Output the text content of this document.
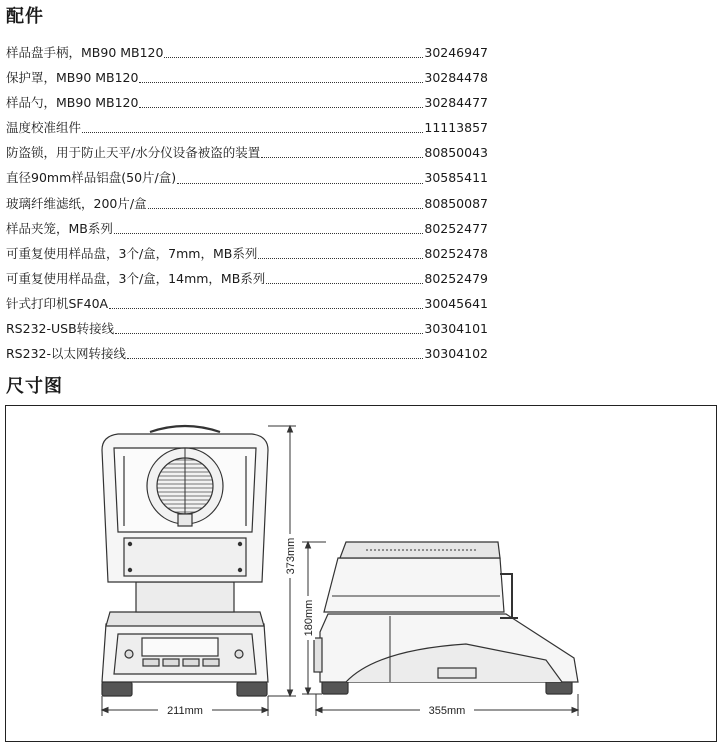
配件
样品盘手柄，MB90 MB120	30246947
保护罩，MB90 MB120	30284478
样品勺，MB90 MB120	30284477
温度校准组件	11113857
防盗锁，用于防止天平/水分仪设备被盗的装置	80850043
直径90mm样品铝盘(50片/盒)	30585411
玻璃纤维滤纸，200片/盒	80850087
样品夹笼，MB系列	80252477
可重复使用样品盘，3个/盒，7mm，MB系列	80252478
可重复使用样品盘，3个/盒，14mm，MB系列	80252479
针式打印机SF40A	30045641
RS232-USB转接线	30304101
RS232-以太网转接线	30304102
尺寸图
211mm
373mm
355mm
180mm
